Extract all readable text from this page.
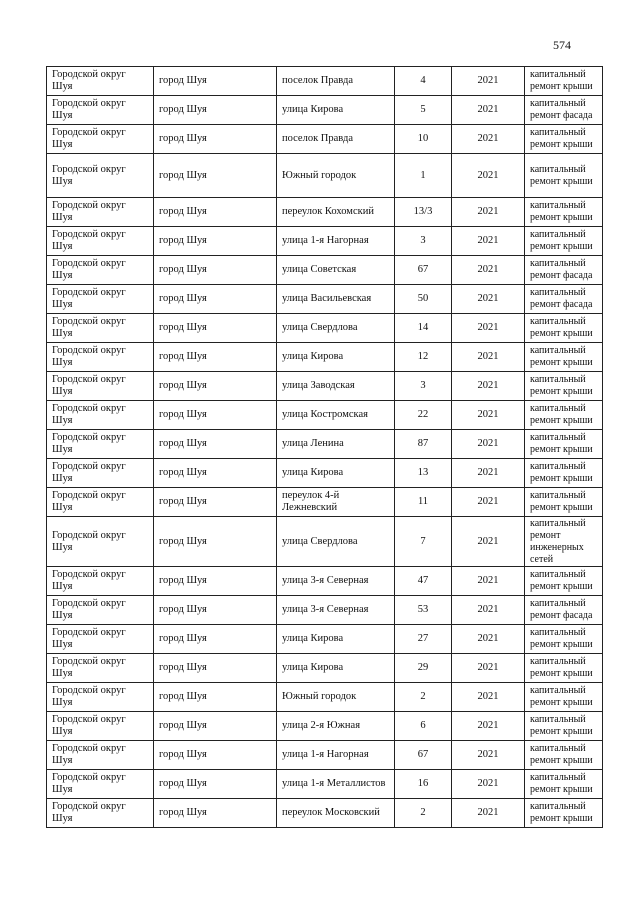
574
Городской округ Шуя	город Шуя	поселок Правда	4	2021	капитальный ремонт крыши
Городской округ Шуя	город Шуя	улица Кирова	5	2021	капитальный ремонт фасада
Городской округ Шуя	город Шуя	поселок Правда	10	2021	капитальный ремонт крыши
Городской округ Шуя	город Шуя	Южный городок	1	2021	капитальный ремонт крыши
Городской округ Шуя	город Шуя	переулок Кохомский	13/3	2021	капитальный ремонт крыши
Городской округ Шуя	город Шуя	улица 1-я Нагорная	3	2021	капитальный ремонт крыши
Городской округ Шуя	город Шуя	улица Советская	67	2021	капитальный ремонт фасада
Городской округ Шуя	город Шуя	улица Васильевская	50	2021	капитальный ремонт фасада
Городской округ Шуя	город Шуя	улица Свердлова	14	2021	капитальный ремонт крыши
Городской округ Шуя	город Шуя	улица Кирова	12	2021	капитальный ремонт крыши
Городской округ Шуя	город Шуя	улица Заводская	3	2021	капитальный ремонт крыши
Городской округ Шуя	город Шуя	улица Костромская	22	2021	капитальный ремонт крыши
Городской округ Шуя	город Шуя	улица Ленина	87	2021	капитальный ремонт крыши
Городской округ Шуя	город Шуя	улица Кирова	13	2021	капитальный ремонт крыши
Городской округ Шуя	город Шуя	переулок 4-й Лежневский	11	2021	капитальный ремонт крыши
Городской округ Шуя	город Шуя	улица Свердлова	7	2021	капитальный ремонт инженерных сетей
Городской округ Шуя	город Шуя	улица 3-я Северная	47	2021	капитальный ремонт крыши
Городской округ Шуя	город Шуя	улица 3-я Северная	53	2021	капитальный ремонт фасада
Городской округ Шуя	город Шуя	улица Кирова	27	2021	капитальный ремонт крыши
Городской округ Шуя	город Шуя	улица Кирова	29	2021	капитальный ремонт крыши
Городской округ Шуя	город Шуя	Южный городок	2	2021	капитальный ремонт крыши
Городской округ Шуя	город Шуя	улица 2-я Южная	6	2021	капитальный ремонт крыши
Городской округ Шуя	город Шуя	улица 1-я Нагорная	67	2021	капитальный ремонт крыши
Городской округ Шуя	город Шуя	улица 1-я Металлистов	16	2021	капитальный ремонт крыши
Городской округ Шуя	город Шуя	переулок Московский	2	2021	капитальный ремонт крыши
